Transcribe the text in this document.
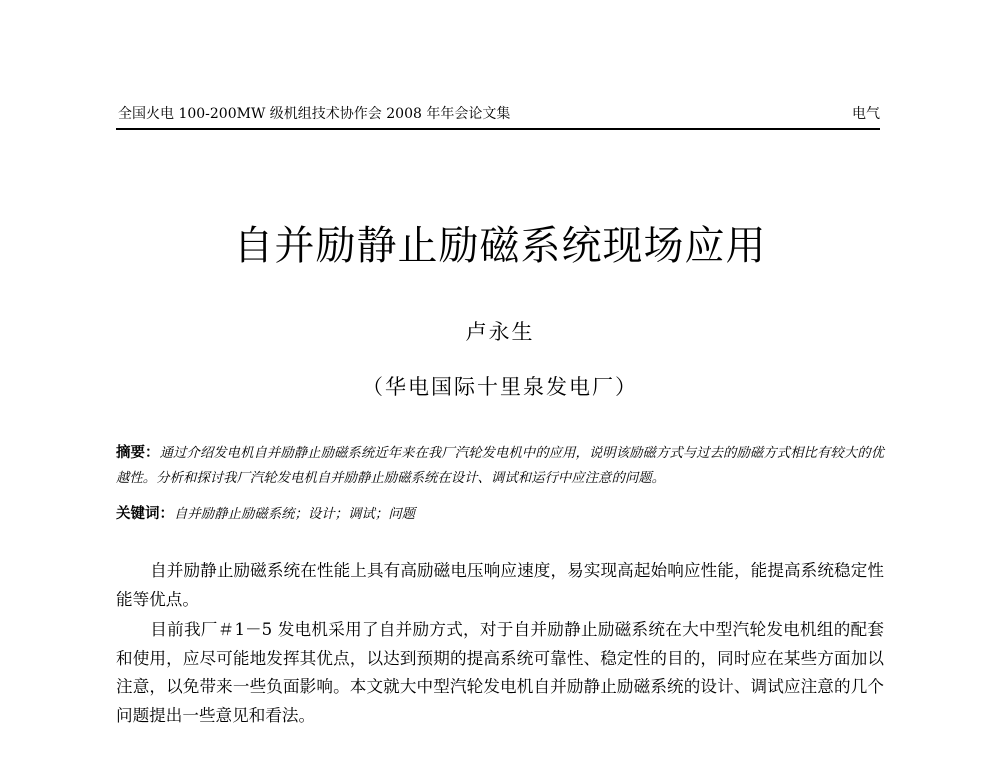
全国火电 100-200MW 级机组技术协作会 2008 年年会论文集	电气
自并励静止励磁系统现场应用
卢永生
（华电国际十里泉发电厂）
摘要：通过介绍发电机自并励静止励磁系统近年来在我厂汽轮发电机中的应用，说明该励磁方式与过去的励磁方式相比有较大的优越性。分析和探讨我厂汽轮发电机自并励静止励磁系统在设计、调试和运行中应注意的问题。
关键词：自并励静止励磁系统；设计；调试；问题
自并励静止励磁系统在性能上具有高励磁电压响应速度，易实现高起始响应性能，能提高系统稳定性能等优点。
目前我厂＃1－5 发电机采用了自并励方式，对于自并励静止励磁系统在大中型汽轮发电机组的配套和使用，应尽可能地发挥其优点，以达到预期的提高系统可靠性、稳定性的目的，同时应在某些方面加以注意，以免带来一些负面影响。本文就大中型汽轮发电机自并励静止励磁系统的设计、调试应注意的几个问题提出一些意见和看法。
